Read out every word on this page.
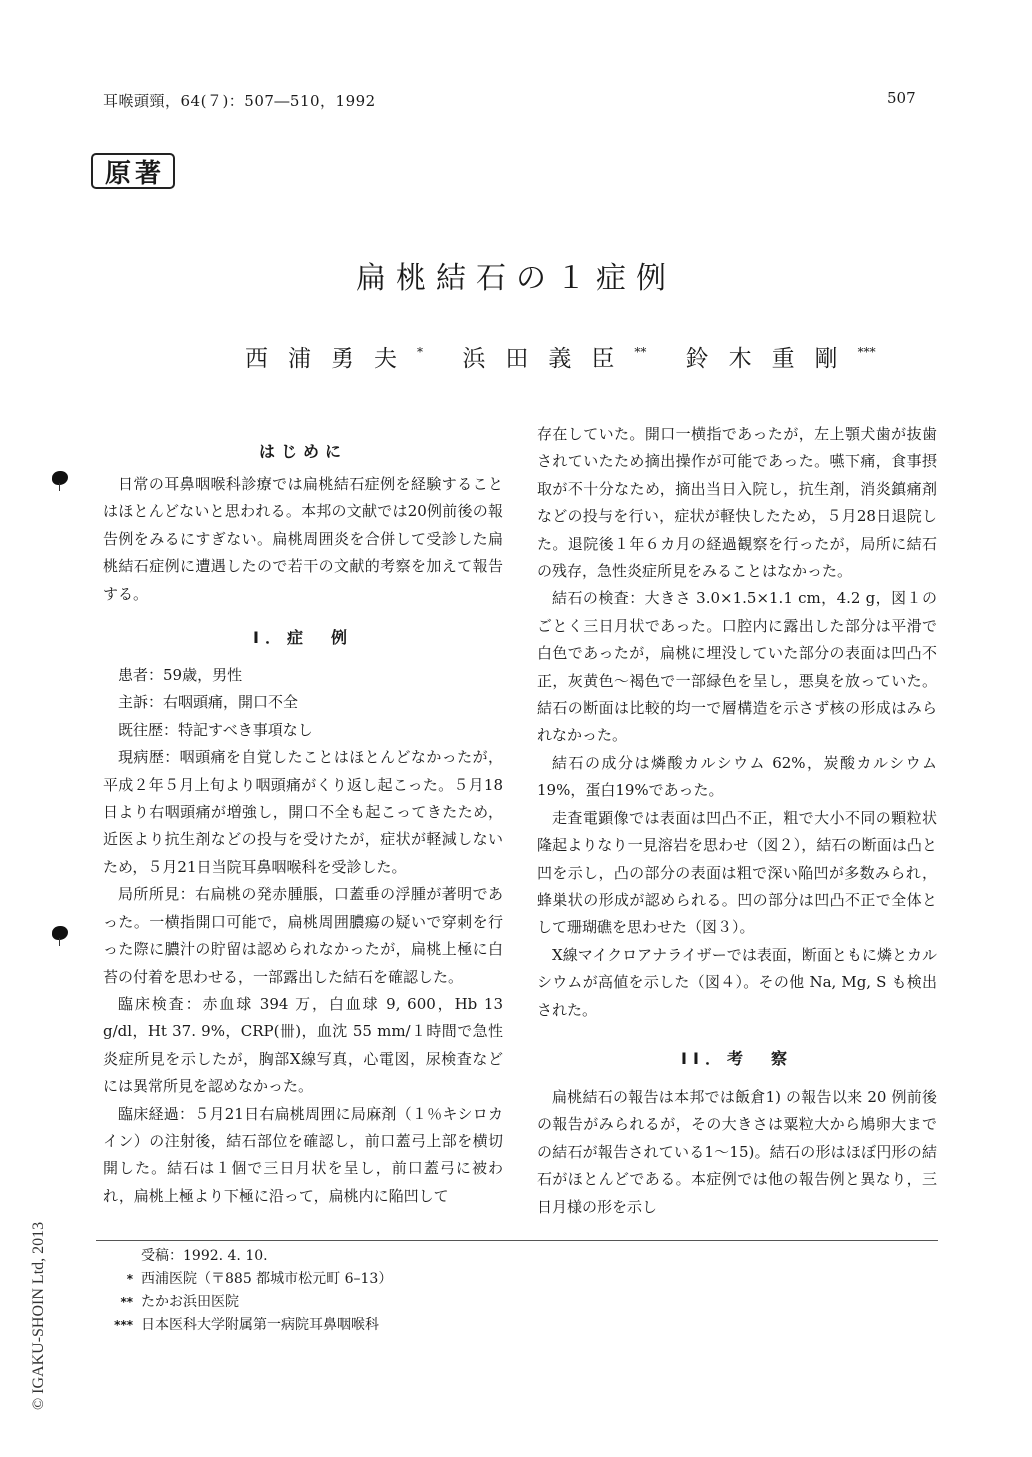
耳喉頭頸，64(７)：507―510，1992	507
原 著
扁桃結石の１症例
西浦勇夫* 浜田義臣** 鈴木重剛***
はじめに

日常の耳鼻咽喉科診療では扁桃結石症例を経験することはほとんどないと思われる。本邦の文献では20例前後の報告例をみるにすぎない。扁桃周囲炎を合併して受診した扁桃結石症例に遭遇したので若干の文献的考察を加えて報告する。

I．症　例

患者：59歳，男性

主訴：右咽頭痛，開口不全

既往歴：特記すべき事項なし

現病歴：咽頭痛を自覚したことはほとんどなかったが，平成２年５月上旬より咽頭痛がくり返し起こった。５月18日より右咽頭痛が増強し，開口不全も起こってきたため，近医より抗生剤などの投与を受けたが，症状が軽減しないため，５月21日当院耳鼻咽喉科を受診した。

局所所見：右扁桃の発赤腫脹，口蓋垂の浮腫が著明であった。一横指開口可能で，扁桃周囲膿瘍の疑いで穿刺を行った際に膿汁の貯留は認められなかったが，扁桃上極に白苔の付着を思わせる，一部露出した結石を確認した。

臨床検査：赤血球 394 万，白血球 9, 600，Hb 13 g/dl，Ht 37. 9%，CRP(卌)，血沈 55 mm/１時間で急性炎症所見を示したが，胸部X線写真，心電図，尿検査などには異常所見を認めなかった。

臨床経過：５月21日右扁桃周囲に局麻剤（１％キシロカイン）の注射後，結石部位を確認し，前口蓋弓上部を横切開した。結石は１個で三日月状を呈し，前口蓋弓に被われ，扁桃上極より下極に沿って，扁桃内に陥凹して

存在していた。開口一横指であったが，左上顎犬歯が抜歯されていたため摘出操作が可能であった。嚥下痛，食事摂取が不十分なため，摘出当日入院し，抗生剤，消炎鎮痛剤などの投与を行い，症状が軽快したため，５月28日退院した。退院後１年６カ月の経過観察を行ったが，局所に結石の残存，急性炎症所見をみることはなかった。

結石の検査：大きさ 3.0×1.5×1.1 cm，4.2 g，図１のごとく三日月状であった。口腔内に露出した部分は平滑で白色であったが，扁桃に埋没していた部分の表面は凹凸不正，灰黄色～褐色で一部緑色を呈し，悪臭を放っていた。結石の断面は比較的均一で層構造を示さず核の形成はみられなかった。

結石の成分は燐酸カルシウム 62%，炭酸カルシウム 19%，蛋白19%であった。

走査電顕像では表面は凹凸不正，粗で大小不同の顆粒状隆起よりなり一見溶岩を思わせ（図２），結石の断面は凸と凹を示し，凸の部分の表面は粗で深い陥凹が多数みられ，蜂巣状の形成が認められる。凹の部分は凹凸不正で全体として珊瑚礁を思わせた（図３）。

X線マイクロアナライザーでは表面，断面ともに燐とカルシウムが高値を示した（図４）。その他 Na, Mg, S も検出された。

II．考　察

扁桃結石の報告は本邦では飯倉1) の報告以来 20 例前後の報告がみられるが，その大きさは粟粒大から鳩卵大までの結石が報告されている1～15)。結石の形はほぼ円形の結石がほとんどである。本症例では他の報告例と異なり，三日月様の形を示し

受稿：1992. 4. 10.
* 西浦医院（〒885 都城市松元町 6–13）
** たかお浜田医院
*** 日本医科大学附属第一病院耳鼻咽喉科
© IGAKU-SHOIN Ltd, 2013
